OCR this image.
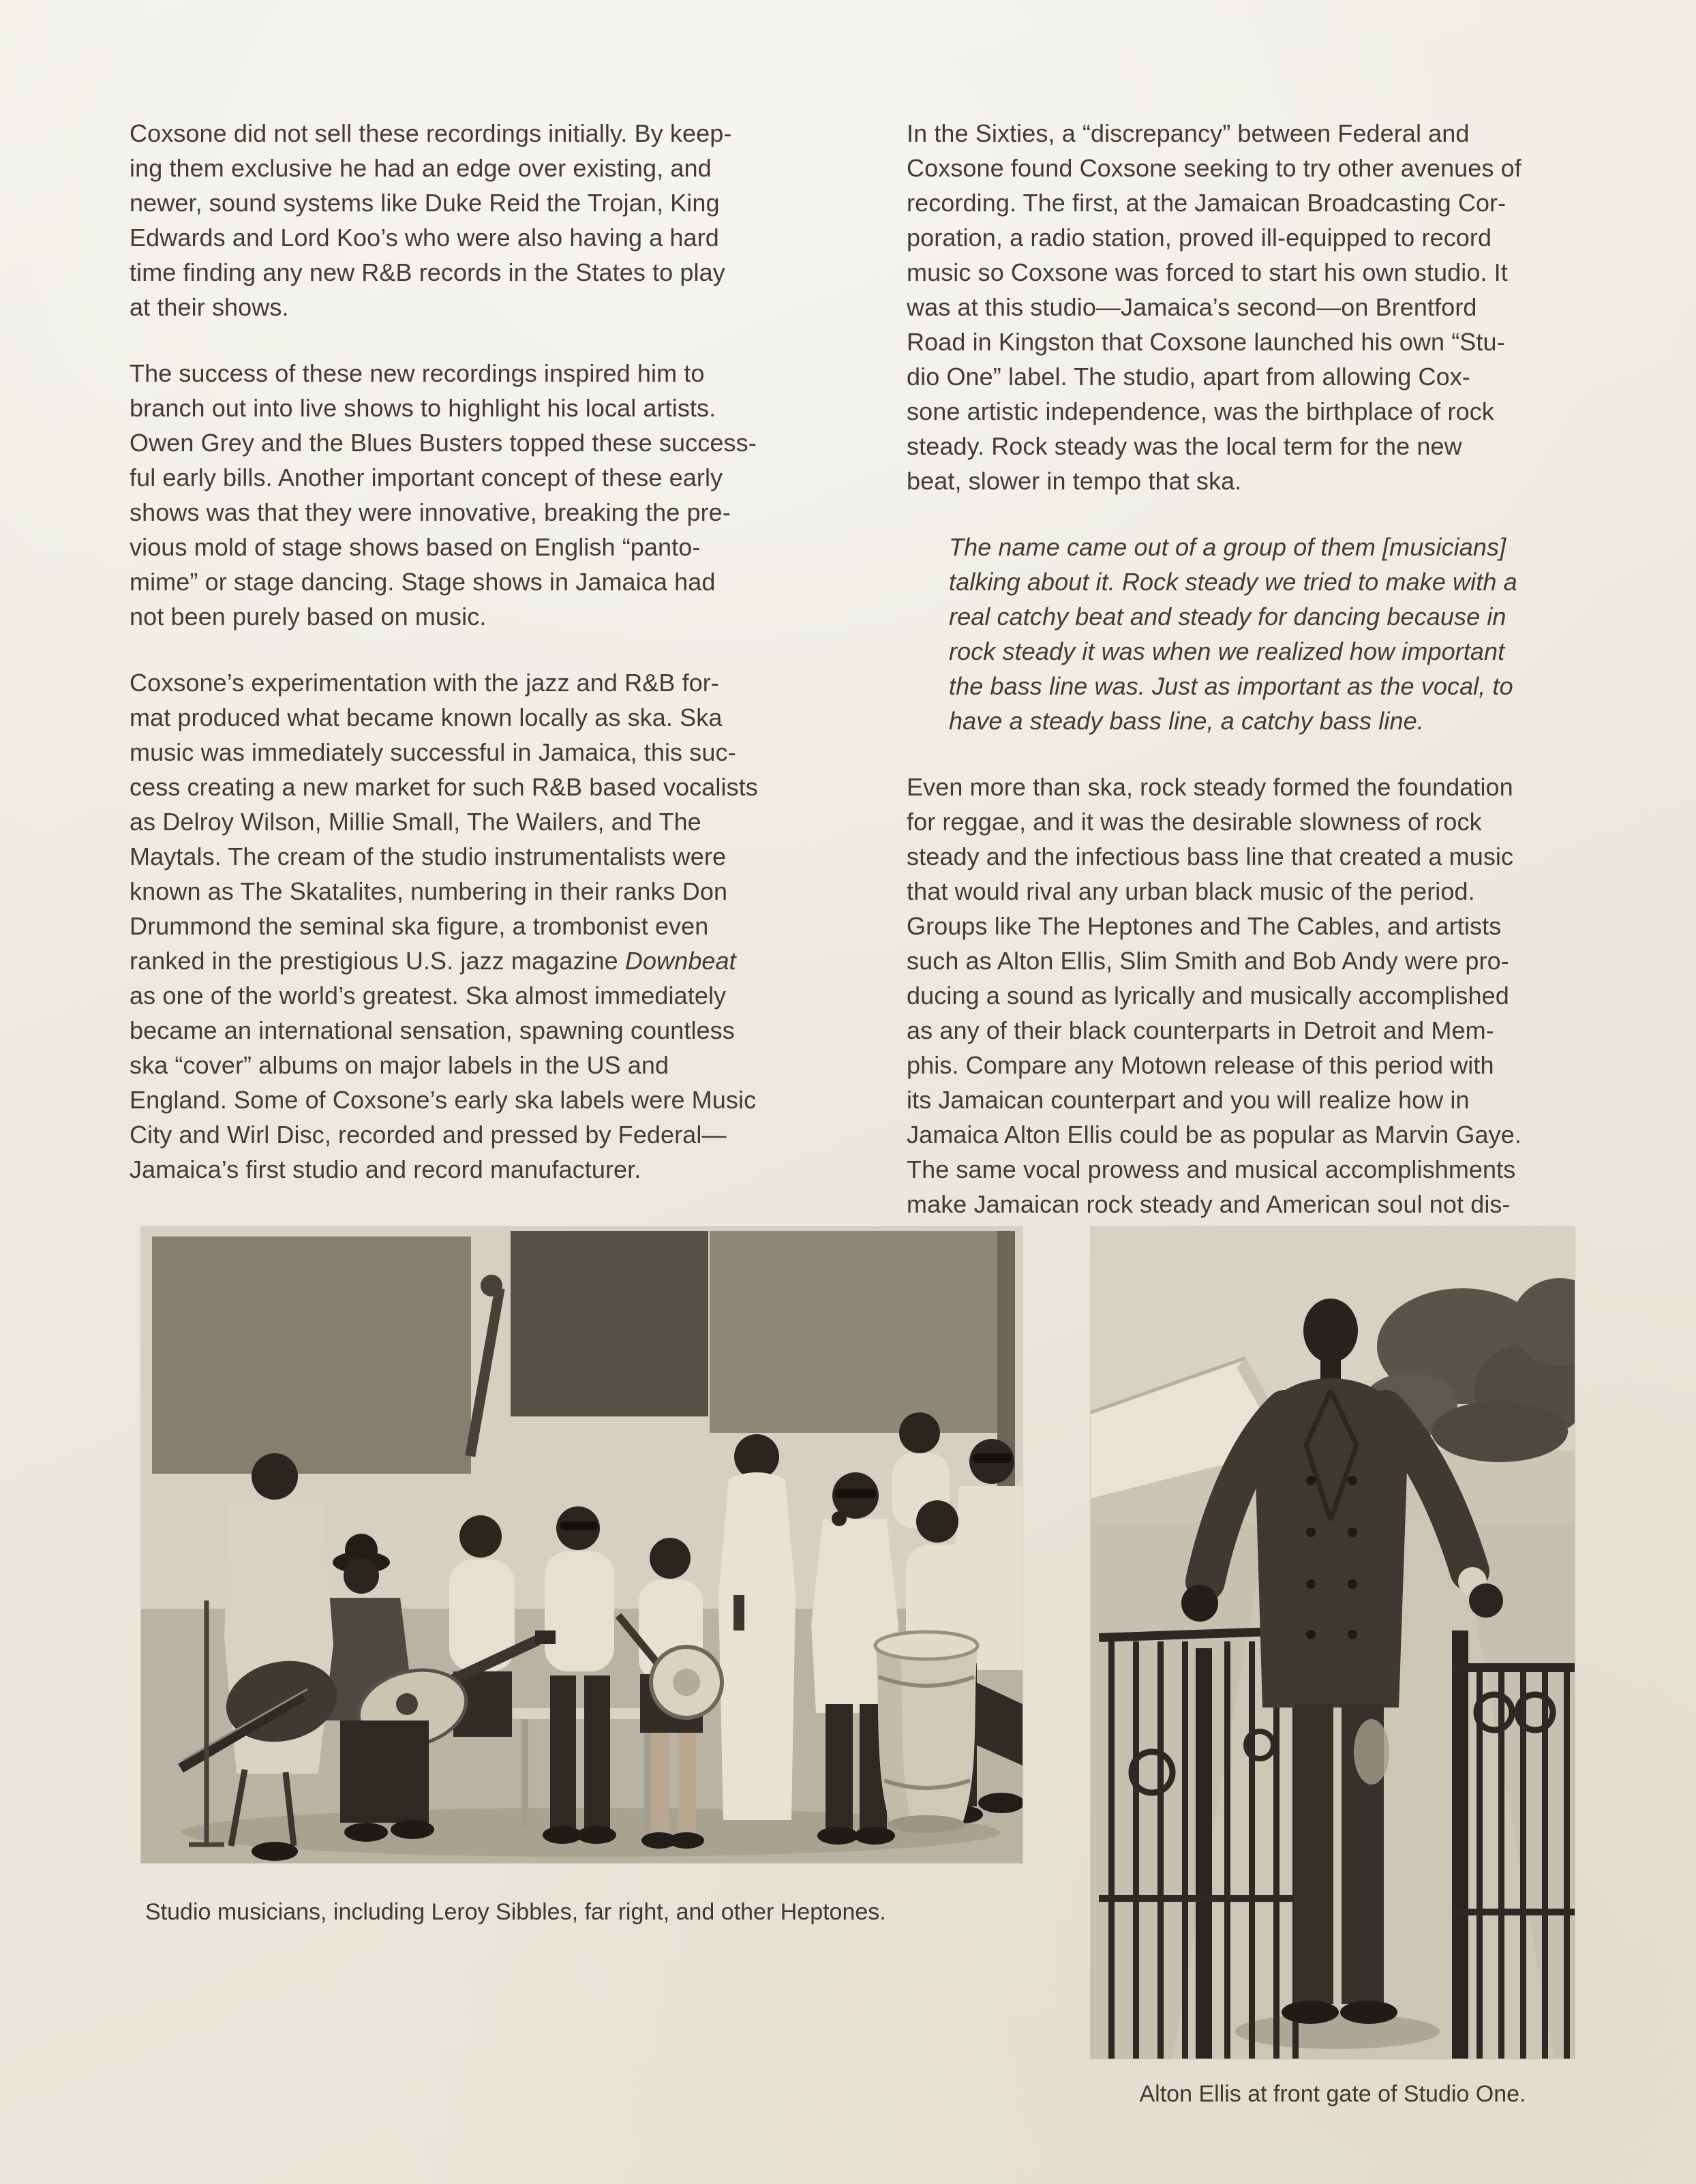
Coxsone did not sell these recordings initially. By keep-
ing them exclusive he had an edge over existing, and
newer, sound systems like Duke Reid the Trojan, King
Edwards and Lord Koo’s who were also having a hard
time finding any new R&B records in the States to play
at their shows.

The success of these new recordings inspired him to
branch out into live shows to highlight his local artists.
Owen Grey and the Blues Busters topped these success-
ful early bills. Another important concept of these early
shows was that they were innovative, breaking the pre-
vious mold of stage shows based on English “panto-
mime” or stage dancing. Stage shows in Jamaica had
not been purely based on music.

Coxsone’s experimentation with the jazz and R&B for-
mat produced what became known locally as ska. Ska
music was immediately successful in Jamaica, this suc-
cess creating a new market for such R&B based vocalists
as Delroy Wilson, Millie Small, The Wailers, and The
Maytals. The cream of the studio instrumentalists were
known as The Skatalites, numbering in their ranks Don
Drummond the seminal ska figure, a trombonist even
ranked in the prestigious U.S. jazz magazine Downbeat
as one of the world’s greatest. Ska almost immediately
became an international sensation, spawning countless
ska “cover” albums on major labels in the US and
England. Some of Coxsone’s early ska labels were Music
City and Wirl Disc, recorded and pressed by Federal—
Jamaica’s first studio and record manufacturer.

In the Sixties, a “discrepancy” between Federal and
Coxsone found Coxsone seeking to try other avenues of
recording. The first, at the Jamaican Broadcasting Cor-
poration, a radio station, proved ill-equipped to record
music so Coxsone was forced to start his own studio. It
was at this studio—Jamaica’s second—on Brentford
Road in Kingston that Coxsone launched his own “Stu-
dio One” label. The studio, apart from allowing Cox-
sone artistic independence, was the birthplace of rock
steady. Rock steady was the local term for the new
beat, slower in tempo that ska.

The name came out of a group of them [musicians]
talking about it. Rock steady we tried to make with a
real catchy beat and steady for dancing because in
rock steady it was when we realized how important
the bass line was. Just as important as the vocal, to
have a steady bass line, a catchy bass line.

Even more than ska, rock steady formed the foundation
for reggae, and it was the desirable slowness of rock
steady and the infectious bass line that created a music
that would rival any urban black music of the period.
Groups like The Heptones and The Cables, and artists
such as Alton Ellis, Slim Smith and Bob Andy were pro-
ducing a sound as lyrically and musically accomplished
as any of their black counterparts in Detroit and Mem-
phis. Compare any Motown release of this period with
its Jamaican counterpart and you will realize how in
Jamaica Alton Ellis could be as popular as Marvin Gaye.
The same vocal prowess and musical accomplishments
make Jamaican rock steady and American soul not dis-

Studio musicians, including Leroy Sibbles, far right, and other Heptones.
Alton Ellis at front gate of Studio One.
